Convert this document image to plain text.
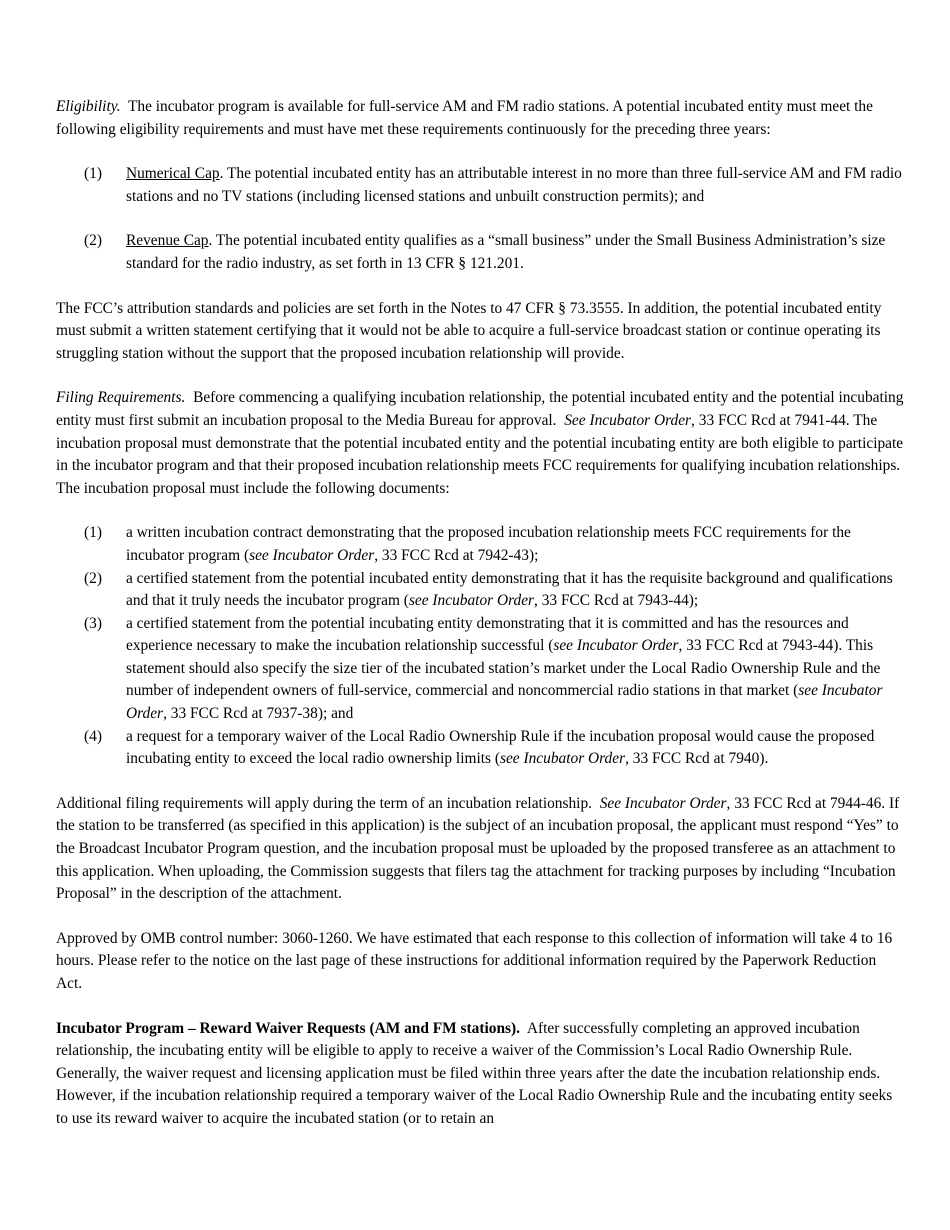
Eligibility. The incubator program is available for full-service AM and FM radio stations. A potential incubated entity must meet the following eligibility requirements and must have met these requirements continuously for the preceding three years:

(1) Numerical Cap. The potential incubated entity has an attributable interest in no more than three full-service AM and FM radio stations and no TV stations (including licensed stations and unbuilt construction permits); and

(2) Revenue Cap. The potential incubated entity qualifies as a “small business” under the Small Business Administration’s size standard for the radio industry, as set forth in 13 CFR § 121.201.

The FCC’s attribution standards and policies are set forth in the Notes to 47 CFR § 73.3555. In addition, the potential incubated entity must submit a written statement certifying that it would not be able to acquire a full-service broadcast station or continue operating its struggling station without the support that the proposed incubation relationship will provide.

Filing Requirements. Before commencing a qualifying incubation relationship, the potential incubated entity and the potential incubating entity must first submit an incubation proposal to the Media Bureau for approval. See Incubator Order, 33 FCC Rcd at 7941-44. The incubation proposal must demonstrate that the potential incubated entity and the potential incubating entity are both eligible to participate in the incubator program and that their proposed incubation relationship meets FCC requirements for qualifying incubation relationships. The incubation proposal must include the following documents:

(1) a written incubation contract demonstrating that the proposed incubation relationship meets FCC requirements for the incubator program (see Incubator Order, 33 FCC Rcd at 7942-43);

(2) a certified statement from the potential incubated entity demonstrating that it has the requisite background and qualifications and that it truly needs the incubator program (see Incubator Order, 33 FCC Rcd at 7943-44);

(3) a certified statement from the potential incubating entity demonstrating that it is committed and has the resources and experience necessary to make the incubation relationship successful (see Incubator Order, 33 FCC Rcd at 7943-44). This statement should also specify the size tier of the incubated station’s market under the Local Radio Ownership Rule and the number of independent owners of full-service, commercial and noncommercial radio stations in that market (see Incubator Order, 33 FCC Rcd at 7937-38); and

(4) a request for a temporary waiver of the Local Radio Ownership Rule if the incubation proposal would cause the proposed incubating entity to exceed the local radio ownership limits (see Incubator Order, 33 FCC Rcd at 7940).

Additional filing requirements will apply during the term of an incubation relationship. See Incubator Order, 33 FCC Rcd at 7944-46. If the station to be transferred (as specified in this application) is the subject of an incubation proposal, the applicant must respond “Yes” to the Broadcast Incubator Program question, and the incubation proposal must be uploaded by the proposed transferee as an attachment to this application. When uploading, the Commission suggests that filers tag the attachment for tracking purposes by including “Incubation Proposal” in the description of the attachment.

Approved by OMB control number: 3060-1260. We have estimated that each response to this collection of information will take 4 to 16 hours. Please refer to the notice on the last page of these instructions for additional information required by the Paperwork Reduction Act.

Incubator Program – Reward Waiver Requests (AM and FM stations). After successfully completing an approved incubation relationship, the incubating entity will be eligible to apply to receive a waiver of the Commission’s Local Radio Ownership Rule. Generally, the waiver request and licensing application must be filed within three years after the date the incubation relationship ends. However, if the incubation relationship required a temporary waiver of the Local Radio Ownership Rule and the incubating entity seeks to use its reward waiver to acquire the incubated station (or to retain an
